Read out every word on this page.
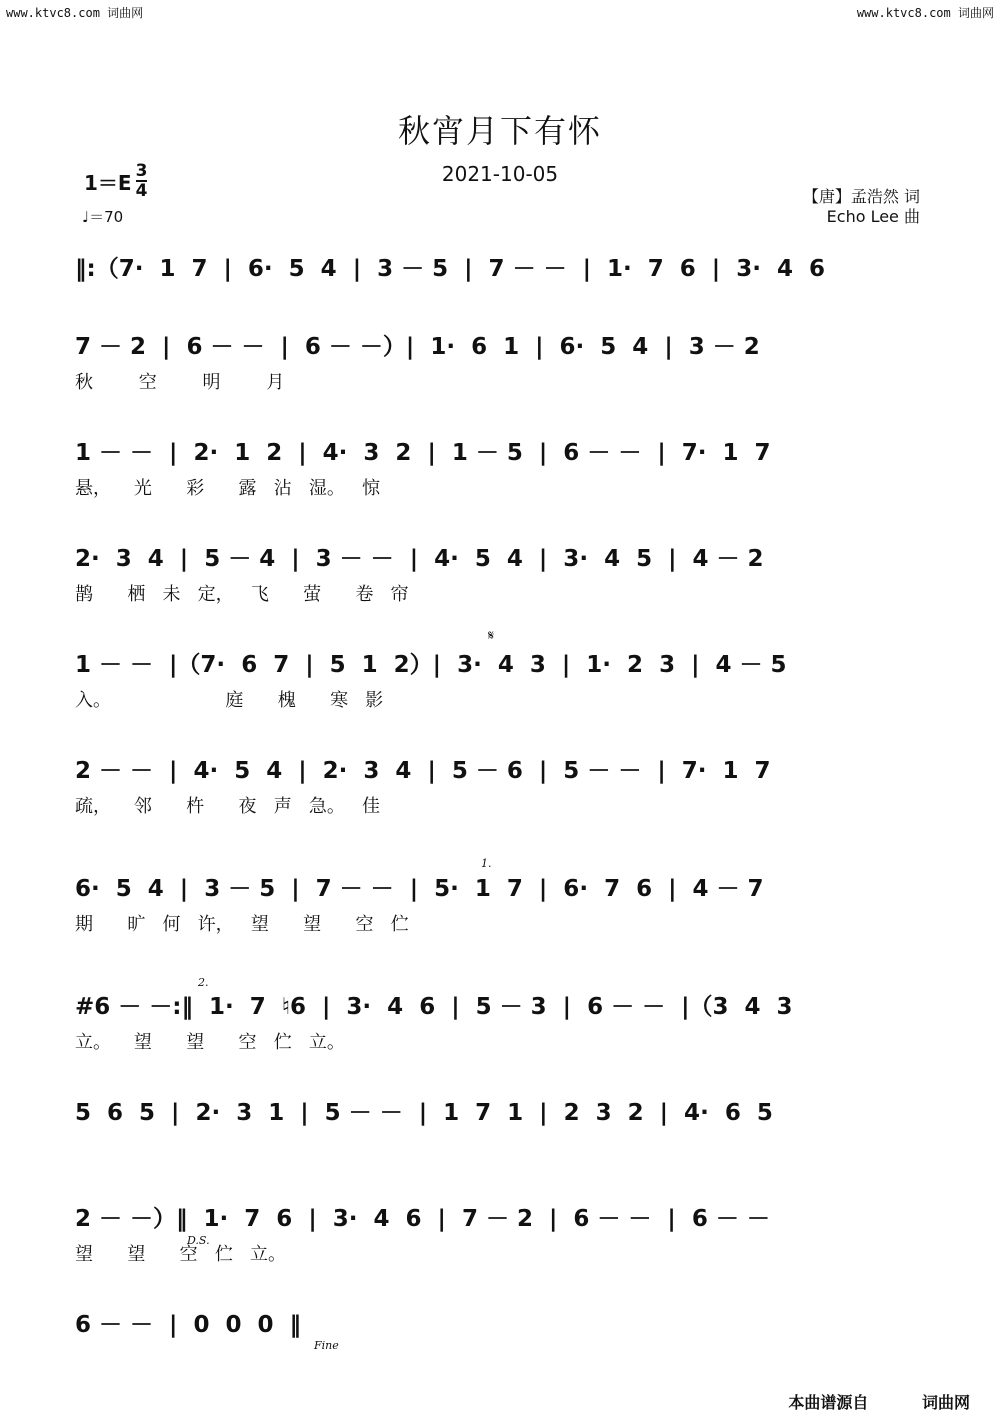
www.ktvc8.com 词曲网	www.ktvc8.com 词曲网
秋宵月下有怀
2021-10-05
$1=E \frac{3}{4}$
♩＝70
【唐】孟浩然 词
Echo Lee 曲
‖:（7·  1  7  |  6·  5  4  |  3 － 5  |  7 － －  |  1·  7  6  |  3·  4  6
7 － 2  |  6 － －  |  6 － －）|  1·  6  1  |  6·  5  4  |  3 － 2
秋        空        明        月
1 － －  |  2·  1  2  |  4·  3  2  |  1 － 5  |  6 － －  |  7·  1  7
悬，    光      彩      露   沾   湿。   惊
2·  3  4  |  5 － 4  |  3 － －  |  4·  5  4  |  3·  4  5  |  4 － 2
鹊      栖   未   定，   飞      萤      卷   帘
1 － －  |（7·  6  7  |  5  1  2）|  3·  4  3  |  1·  2  3  |  4 － 5
入。                    庭      槐      寒   影
2 － －  |  4·  5  4  |  2·  3  4  |  5 － 6  |  5 － －  |  7·  1  7
疏，    邻      杵      夜   声   急。   佳
6·  5  4  |  3 － 5  |  7 － －  |  5·  1  7  |  6·  7  6  |  4 － 7
期      旷   何   许，   望      望      空   伫
#6 － －:‖  1·  7  ♮6  |  3·  4  6  |  5 － 3  |  6 － －  |（3  4  3
立。    望      望      空   伫   立。
5  6  5  |  2·  3  1  |  5 － －  |  1  7  1  |  2  3  2  |  4·  6  5
2 － －）‖  1·  7  6  |  3·  4  6  |  7 － 2  |  6 － －  |  6 － －
望      望      空   伫   立。
6 － －  |  0  0  0  ‖
𝄋
1.
2.
D.S.
Fine
本曲谱源自	词曲网
